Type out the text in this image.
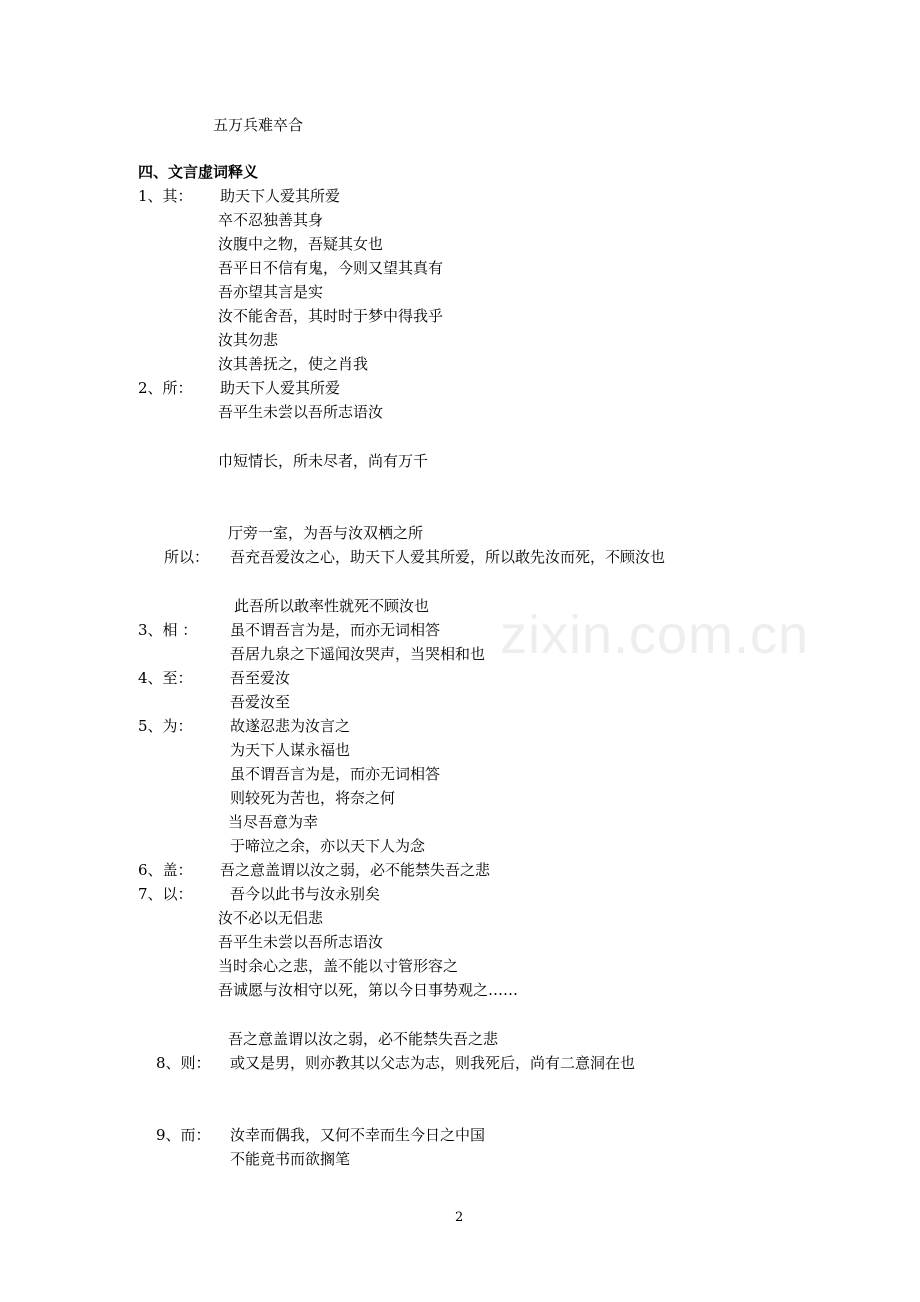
zixin.com.cn
五万兵难卒合
四、文言虚词释义
1、其： 助天下人爱其所爱
卒不忍独善其身
汝腹中之物，吾疑其女也
吾平日不信有鬼，今则又望其真有
吾亦望其言是实
汝不能舍吾，其时时于梦中得我乎
汝其勿悲
汝其善抚之，使之肖我
2、所： 助天下人爱其所爱
吾平生未尝以吾所志语汝
巾短情长，所未尽者，尚有万千
厅旁一室，为吾与汝双栖之所
所以： 吾充吾爱汝之心，助天下人爱其所爱，所以敢先汝而死，不顾汝也
此吾所以敢率性就死不顾汝也
3、相 ： 虽不谓吾言为是，而亦无词相答
吾居九泉之下遥闻汝哭声，当哭相和也
4、至： 吾至爱汝
吾爱汝至
5、为： 故遂忍悲为汝言之
为天下人谋永福也
虽不谓吾言为是，而亦无词相答
则较死为苦也，将奈之何
当尽吾意为幸
于啼泣之余，亦以天下人为念
6、盖： 吾之意盖谓以汝之弱，必不能禁失吾之悲
7、以： 吾今以此书与汝永别矣
汝不必以无侣悲
吾平生未尝以吾所志语汝
当时余心之悲，盖不能以寸管形容之
吾诚愿与汝相守以死，第以今日事势观之……
吾之意盖谓以汝之弱，必不能禁失吾之悲
8、则： 或又是男，则亦教其以父志为志，则我死后，尚有二意洞在也
9、而： 汝幸而偶我，又何不幸而生今日之中国
不能竟书而欲搁笔
2
